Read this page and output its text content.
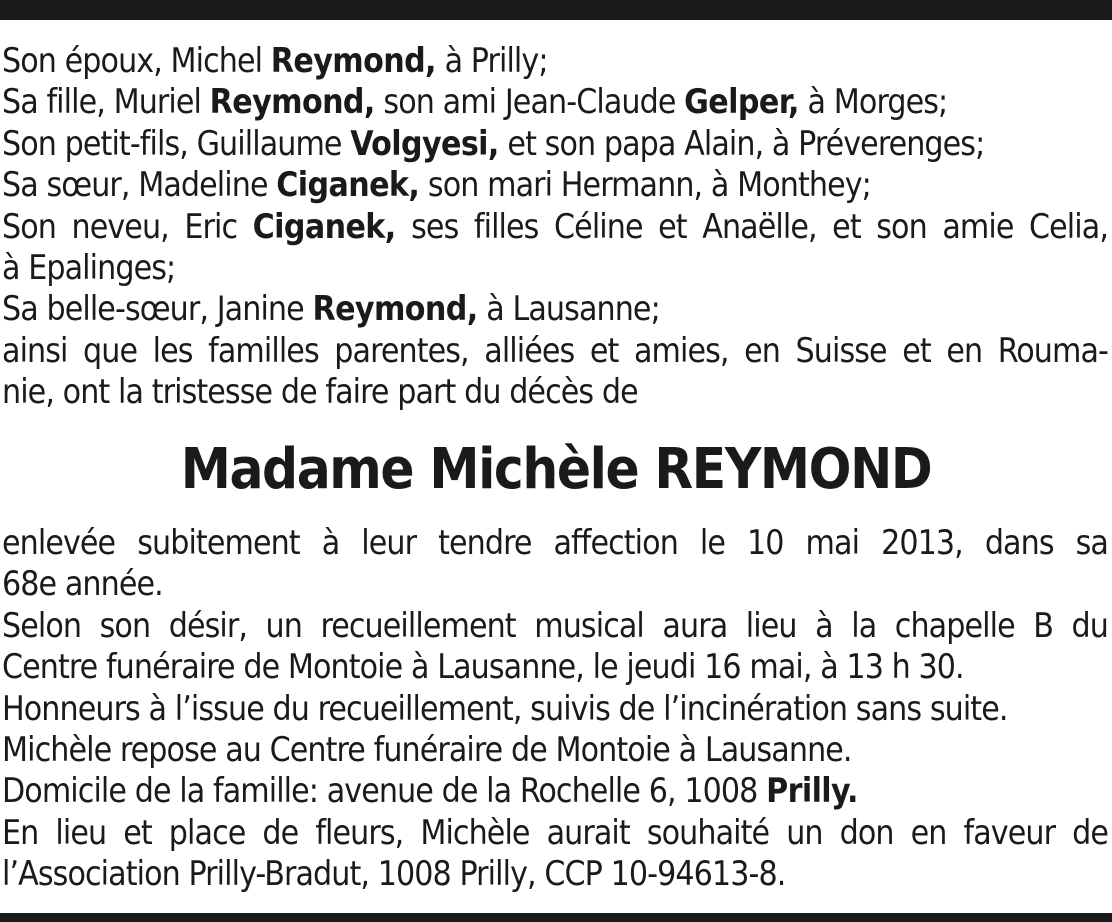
Son époux, Michel Reymond, à Prilly;
Sa fille, Muriel Reymond, son ami Jean-Claude Gelper, à Morges;
Son petit-fils, Guillaume Volgyesi, et son papa Alain, à Préverenges;
Sa sœur, Madeline Ciganek, son mari Hermann, à Monthey;
Son neveu, Eric Ciganek, ses filles Céline et Anaëlle, et son amie Celia,
à Epalinges;
Sa belle-sœur, Janine Reymond, à Lausanne;
ainsi que les familles parentes, alliées et amies, en Suisse et en Rouma-
nie, ont la tristesse de faire part du décès de
Madame Michèle REYMOND
enlevée subitement à leur tendre affection le 10 mai 2013, dans sa
68e année.
Selon son désir, un recueillement musical aura lieu à la chapelle B du
Centre funéraire de Montoie à Lausanne, le jeudi 16 mai, à 13 h 30.
Honneurs à l’issue du recueillement, suivis de l’incinération sans suite.
Michèle repose au Centre funéraire de Montoie à Lausanne.
Domicile de la famille: avenue de la Rochelle 6, 1008 Prilly.
En lieu et place de fleurs, Michèle aurait souhaité un don en faveur de
l’Association Prilly-Bradut, 1008 Prilly, CCP 10-94613-8.
